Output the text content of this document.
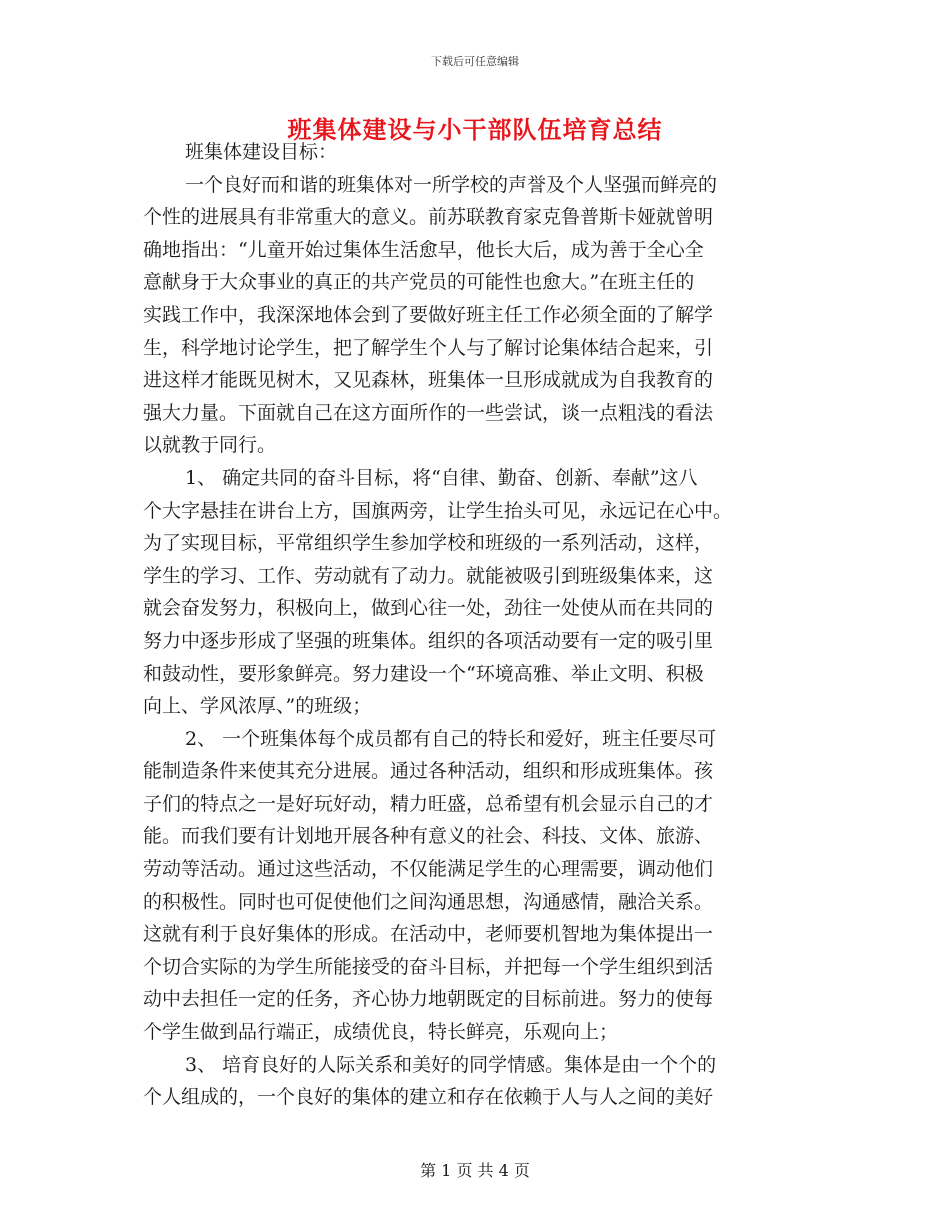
下载后可任意编辑
班集体建设与小干部队伍培育总结
班集体建设目标：
一个良好而和谐的班集体对一所学校的声誉及个人坚强而鲜亮的
个性的进展具有非常重大的意义。前苏联教育家克鲁普斯卡娅就曾明
确地指出：“儿童开始过集体生活愈早，他长大后，成为善于全心全
意献身于大众事业的真正的共产党员的可能性也愈大。”在班主任的
实践工作中，我深深地体会到了要做好班主任工作必须全面的了解学
生，科学地讨论学生，把了解学生个人与了解讨论集体结合起来，引
进这样才能既见树木，又见森林，班集体一旦形成就成为自我教育的
强大力量。下面就自己在这方面所作的一些尝试，谈一点粗浅的看法
以就教于同行。
1、 确定共同的奋斗目标，将“自律、勤奋、创新、奉献”这八
个大字悬挂在讲台上方，国旗两旁，让学生抬头可见，永远记在心中。
为了实现目标，平常组织学生参加学校和班级的一系列活动，这样，
学生的学习、工作、劳动就有了动力。就能被吸引到班级集体来，这
就会奋发努力，积极向上，做到心往一处，劲往一处使从而在共同的
努力中逐步形成了坚强的班集体。组织的各项活动要有一定的吸引里
和鼓动性，要形象鲜亮。努力建设一个“环境高雅、举止文明、积极
向上、学风浓厚、”的班级；
2、 一个班集体每个成员都有自己的特长和爱好，班主任要尽可
能制造条件来使其充分进展。通过各种活动，组织和形成班集体。孩
子们的特点之一是好玩好动，精力旺盛，总希望有机会显示自己的才
能。而我们要有计划地开展各种有意义的社会、科技、文体、旅游、
劳动等活动。通过这些活动，不仅能满足学生的心理需要，调动他们
的积极性。同时也可促使他们之间沟通思想，沟通感情，融洽关系。
这就有利于良好集体的形成。在活动中，老师要机智地为集体提出一
个切合实际的为学生所能接受的奋斗目标，并把每一个学生组织到活
动中去担任一定的任务，齐心协力地朝既定的目标前进。努力的使每
个学生做到品行端正，成绩优良，特长鲜亮，乐观向上；
3、 培育良好的人际关系和美好的同学情感。集体是由一个个的
个人组成的，一个良好的集体的建立和存在依赖于人与人之间的美好
第 1 页 共 4 页
